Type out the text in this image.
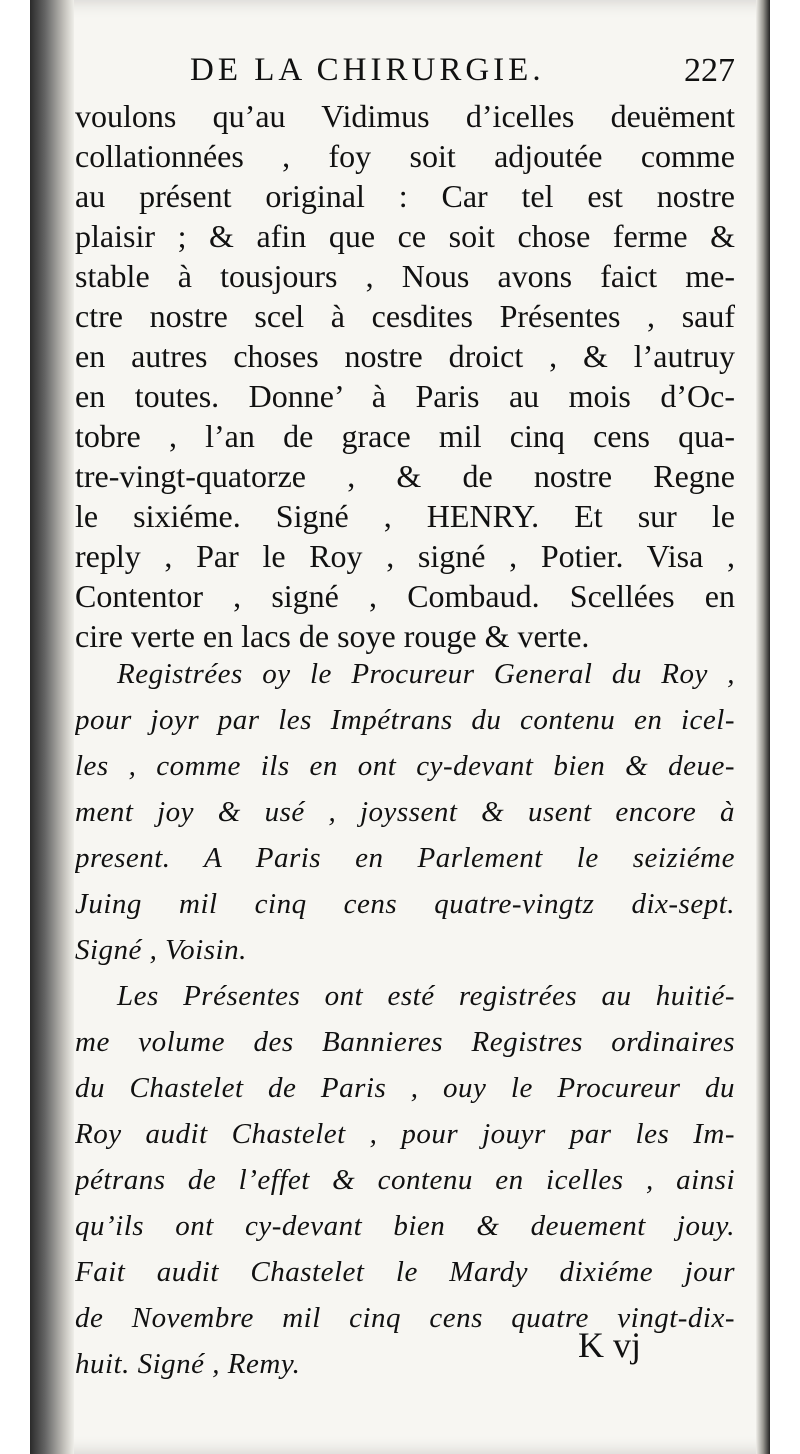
DE LA CHIRURGIE.	227
voulons qu’au Vidimus d’icelles deuëment
collationnées , foy soit adjoutée comme
au présent original : Car tel est nostre
plaisir ; & afin que ce soit chose ferme &
stable à tousjours , Nous avons faict me-
ctre nostre scel à cesdites Présentes , sauf
en autres choses nostre droict , & l’autruy
en toutes. Donne’ à Paris au mois d’Oc-
tobre , l’an de grace mil cinq cens qua-
tre-vingt-quatorze , & de nostre Regne
le sixiéme. Signé , HENRY. Et sur le
reply , Par le Roy , signé , Potier. Visa ,
Contentor , signé , Combaud. Scellées en
cire verte en lacs de soye rouge & verte.
Registrées oy le Procureur General du Roy ,
pour joyr par les Impétrans du contenu en icel-
les , comme ils en ont cy-devant bien & deue-
ment joy & usé , joyssent & usent encore à
present. A Paris en Parlement le seiziéme
Juing mil cinq cens quatre-vingtz dix-sept.
Signé , Voisin.
Les Présentes ont esté registrées au huitié-
me volume des Bannieres Registres ordinaires
du Chastelet de Paris , ouy le Procureur du
Roy audit Chastelet , pour jouyr par les Im-
pétrans de l’effet & contenu en icelles , ainsi
qu’ils ont cy-devant bien & deuement jouy.
Fait audit Chastelet le Mardy dixiéme jour
de Novembre mil cinq cens quatre vingt-dix-
huit. Signé , Remy.	K vj
